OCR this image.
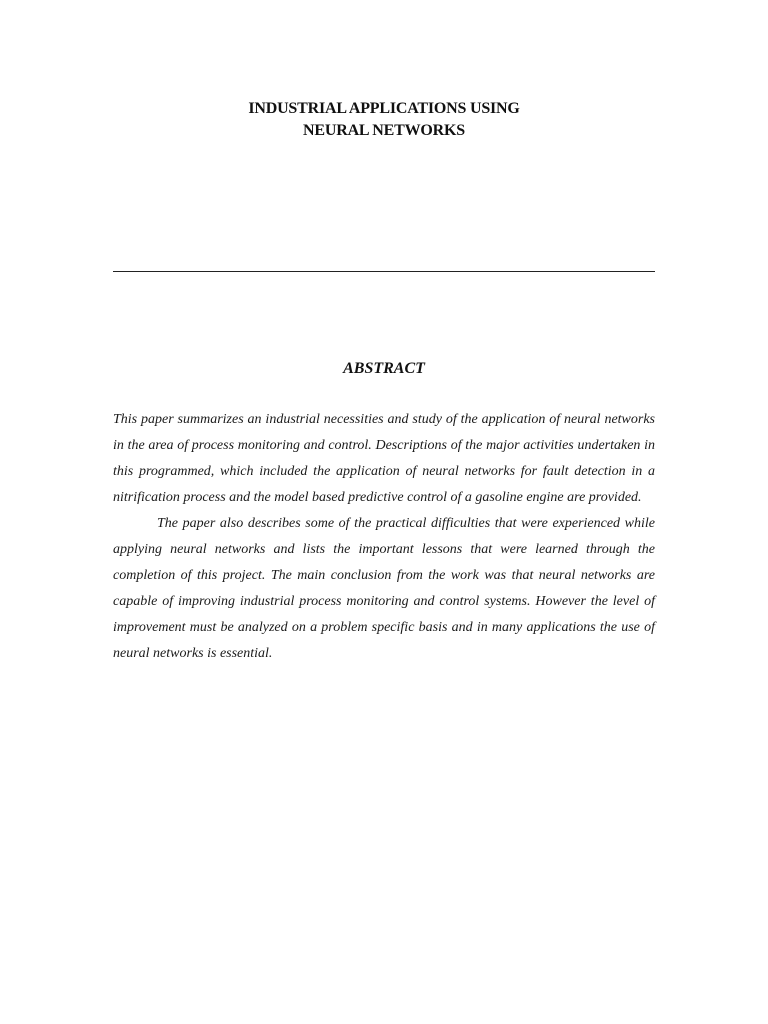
INDUSTRIAL APPLICATIONS USING
NEURAL NETWORKS
ABSTRACT

This paper summarizes an industrial necessities and study of the application of neural networks in the area of process monitoring and control. Descriptions of the major activities undertaken in this programmed, which included the application of neural networks for fault detection in a nitrification process and the model based predictive control of a gasoline engine are provided.

The paper also describes some of the practical difficulties that were experienced while applying neural networks and lists the important lessons that were learned through the completion of this project. The main conclusion from the work was that neural networks are capable of improving industrial process monitoring and control systems. However the level of improvement must be analyzed on a problem specific basis and in many applications the use of neural networks is essential.
